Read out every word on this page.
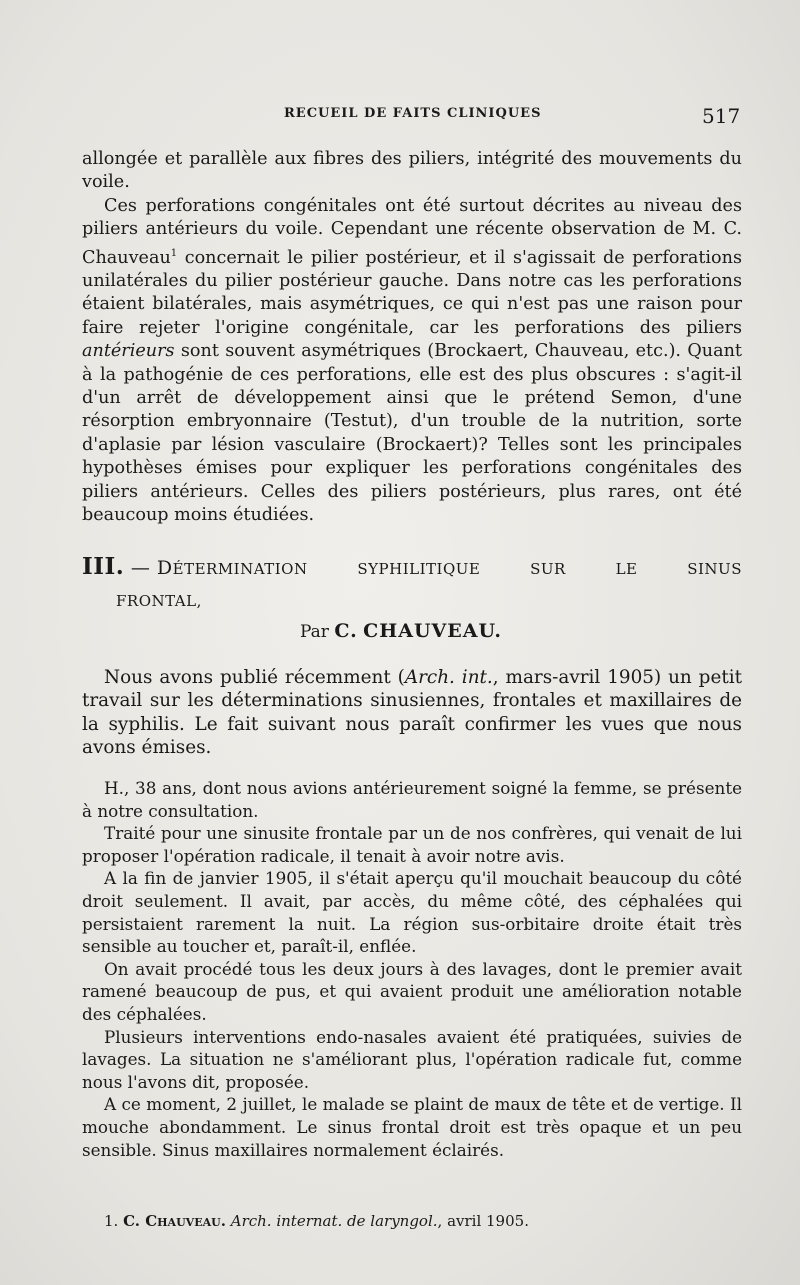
RECUEIL DE FAITS CLINIQUES	517

allongée et parallèle aux fibres des piliers, intégrité des mouvements du voile.

Ces perforations congénitales ont été surtout décrites au niveau des piliers antérieurs du voile. Cependant une récente observation de M. C. Chauveau$^1$ concernait le pilier postérieur, et il s'agissait de perforations unilatérales du pilier postérieur gauche. Dans notre cas les perforations étaient bilatérales, mais asymétriques, ce qui n'est pas une raison pour faire rejeter l'origine congénitale, car les perforations des piliers antérieurs sont souvent asymétriques (Brockaert, Chauveau, etc.). Quant à la pathogénie de ces perforations, elle est des plus obscures : s'agit-il d'un arrêt de développement ainsi que le prétend Semon, d'une résorption embryonnaire (Testut), d'un trouble de la nutrition, sorte d'aplasie par lésion vasculaire (Brockaert)? Telles sont les principales hypothèses émises pour expliquer les perforations congénitales des piliers antérieurs. Celles des piliers postérieurs, plus rares, ont été beaucoup moins étudiées.

III. — DÉTERMINATION	SYPHILITIQUE	SUR	LE	SINUS
FRONTAL,
Par C. CHAUVEAU.

Nous avons publié récemment (Arch. int., mars-avril 1905) un petit travail sur les déterminations sinusiennes, frontales et maxillaires de la syphilis. Le fait suivant nous paraît confirmer les vues que nous avons émises.

H., 38 ans, dont nous avions antérieurement soigné la femme, se présente à notre consultation.

Traité pour une sinusite frontale par un de nos confrères, qui venait de lui proposer l'opération radicale, il tenait à avoir notre avis.

A la fin de janvier 1905, il s'était aperçu qu'il mouchait beaucoup du côté droit seulement. Il avait, par accès, du même côté, des céphalées qui persistaient rarement la nuit. La région sus-orbitaire droite était très sensible au toucher et, paraît-il, enflée.

On avait procédé tous les deux jours à des lavages, dont le premier avait ramené beaucoup de pus, et qui avaient produit une amélioration notable des céphalées.

Plusieurs interventions endo-nasales avaient été pratiquées, suivies de lavages. La situation ne s'améliorant plus, l'opération radicale fut, comme nous l'avons dit, proposée.

A ce moment, 2 juillet, le malade se plaint de maux de tête et de vertige. Il mouche abondamment. Le sinus frontal droit est très opaque et un peu sensible. Sinus maxillaires normalement éclairés.

1. C. Chauveau. Arch. internat. de laryngol., avril 1905.
